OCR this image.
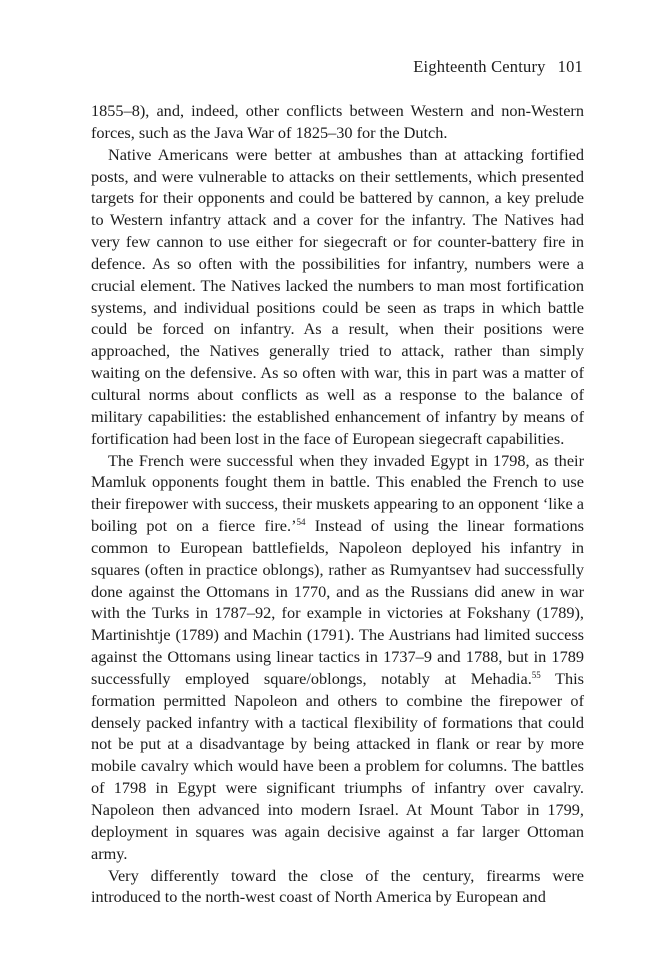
Eighteenth Century 101

1855–8), and, indeed, other conflicts between Western and non-Western forces, such as the Java War of 1825–30 for the Dutch.

Native Americans were better at ambushes than at attacking fortified posts, and were vulnerable to attacks on their settlements, which presented targets for their opponents and could be battered by cannon, a key prelude to Western infantry attack and a cover for the infantry. The Natives had very few cannon to use either for siegecraft or for counter-battery fire in defence. As so often with the possibilities for infantry, numbers were a crucial element. The Natives lacked the numbers to man most fortification systems, and individual positions could be seen as traps in which battle could be forced on infantry. As a result, when their positions were approached, the Natives generally tried to attack, rather than simply waiting on the defensive. As so often with war, this in part was a matter of cultural norms about conflicts as well as a response to the balance of military capabilities: the established enhancement of infantry by means of fortification had been lost in the face of European siegecraft capabilities.

The French were successful when they invaded Egypt in 1798, as their Mamluk opponents fought them in battle. This enabled the French to use their firepower with success, their muskets appearing to an opponent ‘like a boiling pot on a fierce fire.’$^{54}$ Instead of using the linear formations common to European battlefields, Napoleon deployed his infantry in squares (often in practice oblongs), rather as Rumyantsev had successfully done against the Ottomans in 1770, and as the Russians did anew in war with the Turks in 1787–92, for example in victories at Fokshany (1789), Martinishtje (1789) and Machin (1791). The Austrians had limited success against the Ottomans using linear tactics in 1737–9 and 1788, but in 1789 successfully employed square/oblongs, notably at Mehadia.$^{55}$ This formation permitted Napoleon and others to combine the firepower of densely packed infantry with a tactical flexibility of formations that could not be put at a disadvantage by being attacked in flank or rear by more mobile cavalry which would have been a problem for columns. The battles of 1798 in Egypt were significant triumphs of infantry over cavalry. Napoleon then advanced into modern Israel. At Mount Tabor in 1799, deployment in squares was again decisive against a far larger Ottoman army.

Very differently toward the close of the century, firearms were introduced to the north-west coast of North America by European and
